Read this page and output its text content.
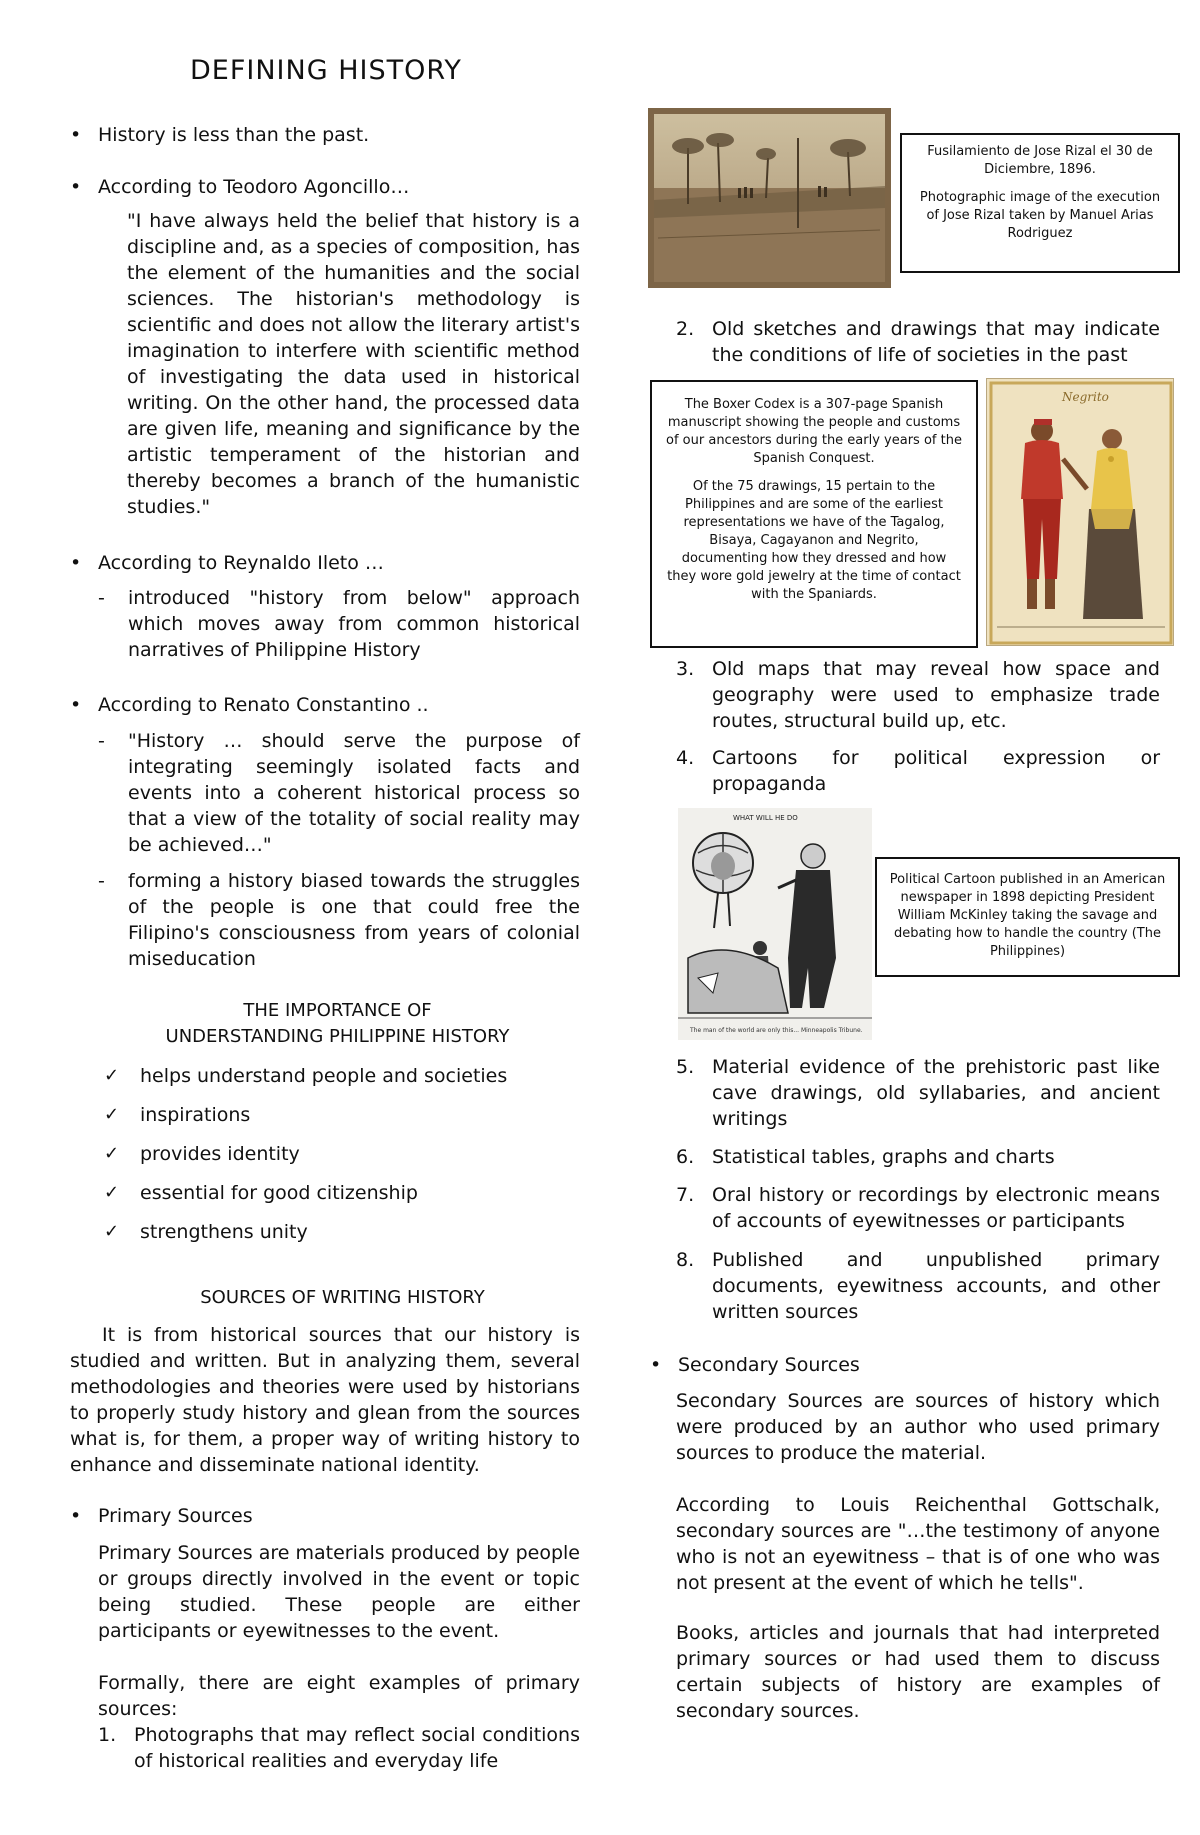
DEFINING HISTORY
• History is less than the past.
• According to Teodoro Agoncillo…
"I have always held the belief that history is a discipline and, as a species of composition, has the element of the humanities and the social sciences. The historian's methodology is scientific and does not allow the literary artist's imagination to interfere with scientific method of investigating the data used in historical writing. On the other hand, the processed data are given life, meaning and significance by the artistic temperament of the historian and thereby becomes a branch of the humanistic studies."
• According to Reynaldo Ileto …
- introduced "history from below" approach which moves away from common historical narratives of Philippine History
• According to Renato Constantino ..
- "History … should serve the purpose of integrating seemingly isolated facts and events into a coherent historical process so that a view of the totality of social reality may be achieved…"
- forming a history biased towards the struggles of the people is one that could free the Filipino's consciousness from years of colonial miseducation
THE IMPORTANCE OF
UNDERSTANDING PHILIPPINE HISTORY
✓ helps understand people and societies
✓ inspirations
✓ provides identity
✓ essential for good citizenship
✓ strengthens unity
SOURCES OF WRITING HISTORY
It is from historical sources that our history is studied and written. But in analyzing them, several methodologies and theories were used by historians to properly study history and glean from the sources what is, for them, a proper way of writing history to enhance and disseminate national identity.
• Primary Sources
Primary Sources are materials produced by people or groups directly involved in the event or topic being studied. These people are either participants or eyewitnesses to the event.
Formally, there are eight examples of primary sources:
1. Photographs that may reflect social conditions of historical realities and everyday life

Fusilamiento de Jose Rizal el 30 de Diciembre, 1896.

Photographic image of the execution of Jose Rizal taken by Manuel Arias Rodriguez

2. Old sketches and drawings that may indicate the conditions of life of societies in the past

The Boxer Codex is a 307-page Spanish manuscript showing the people and customs of our ancestors during the early years of the Spanish Conquest.

Of the 75 drawings, 15 pertain to the Philippines and are some of the earliest representations we have of the Tagalog, Bisaya, Cagayanon and Negrito, documenting how they dressed and how they wore gold jewelry at the time of contact with the Spaniards.

Negrito
3. Old maps that may reveal how space and geography were used to emphasize trade routes, structural build up, etc.
4. Cartoons for political expression or propaganda
WHAT WILL HE DO
The man of the world are only this... Minneapolis Tribune.

Political Cartoon published in an American newspaper in 1898 depicting President William McKinley taking the savage and debating how to handle the country (The Philippines)

5. Material evidence of the prehistoric past like cave drawings, old syllabaries, and ancient writings
6. Statistical tables, graphs and charts
7. Oral history or recordings by electronic means of accounts of eyewitnesses or participants
8. Published and unpublished primary documents, eyewitness accounts, and other written sources
• Secondary Sources
Secondary Sources are sources of history which were produced by an author who used primary sources to produce the material.
According to Louis Reichenthal Gottschalk, secondary sources are "…the testimony of anyone who is not an eyewitness – that is of one who was not present at the event of which he tells".
Books, articles and journals that had interpreted primary sources or had used them to discuss certain subjects of history are examples of secondary sources.
